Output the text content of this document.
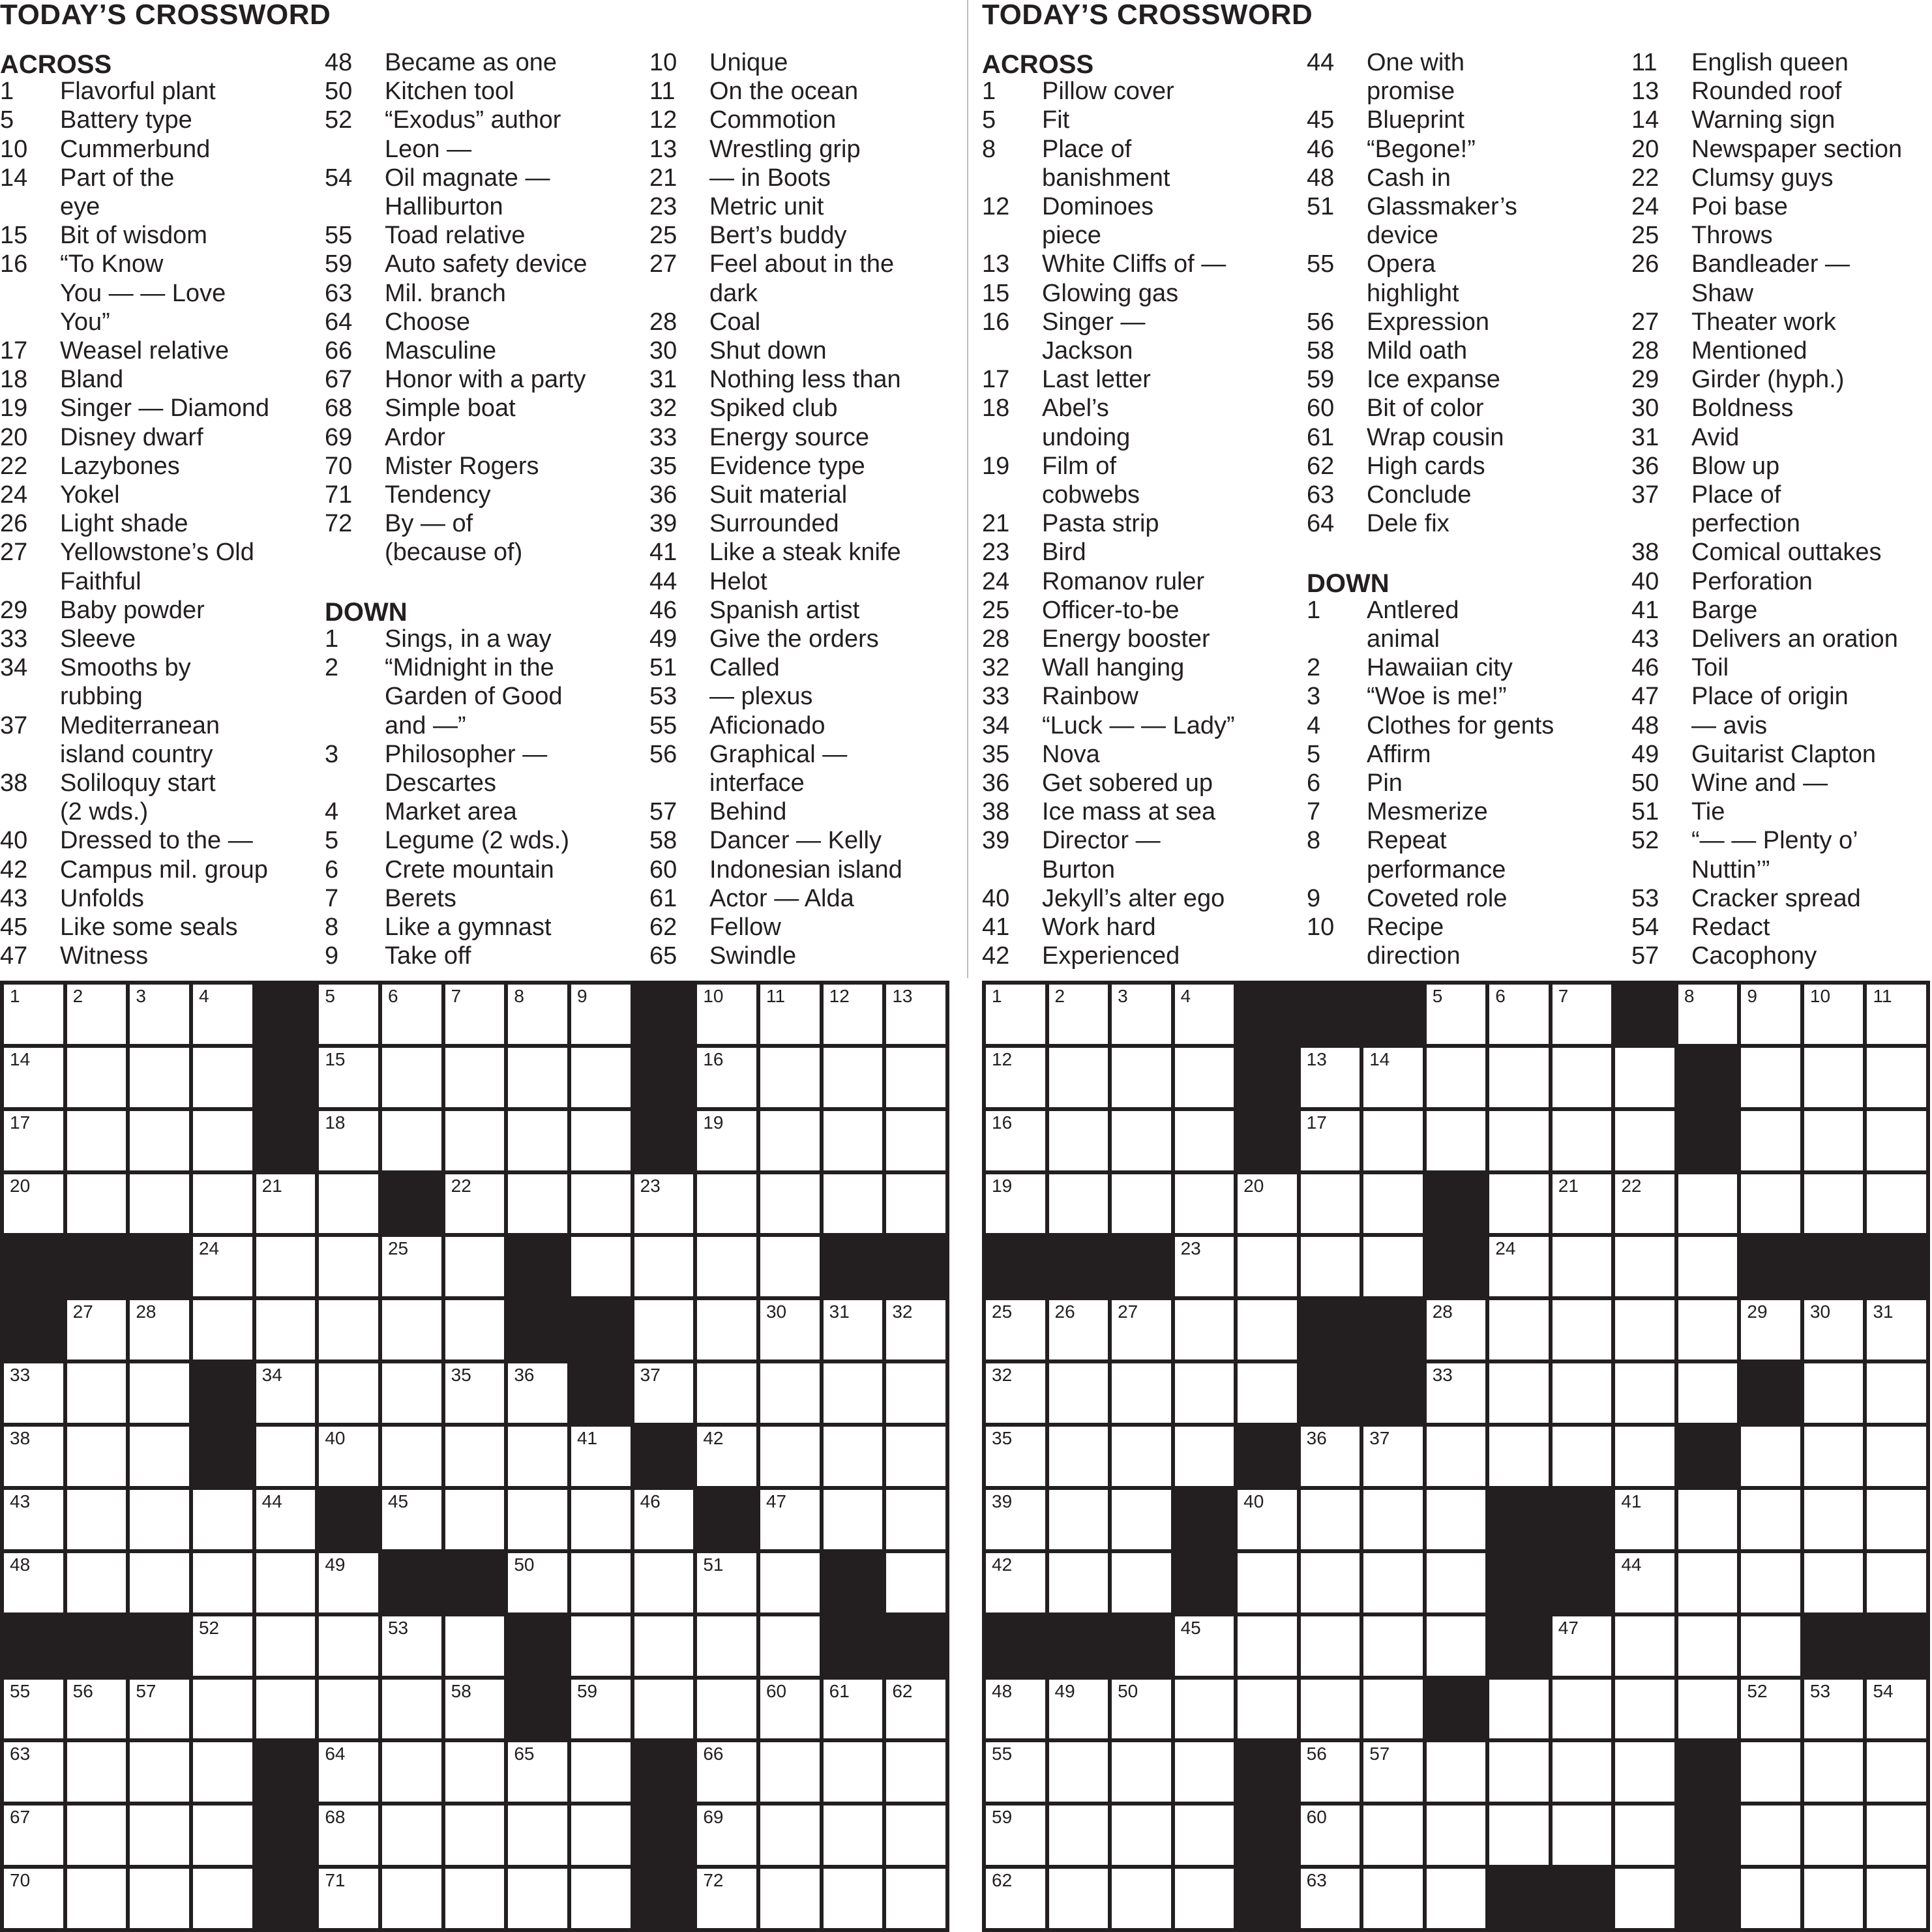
TODAY’S CROSSWORD
ACROSS
1 Flavorful plant
5 Battery type
10 Cummerbund
14 Part of the
eye
15 Bit of wisdom
16 “To Know
You — — Love
You”
17 Weasel relative
18 Bland
19 Singer — Diamond
20 Disney dwarf
22 Lazybones
24 Yokel
26 Light shade
27 Yellowstone’s Old
Faithful
29 Baby powder
33 Sleeve
34 Smooths by
rubbing
37 Mediterranean
island country
38 Soliloquy start
(2 wds.)
40 Dressed to the —
42 Campus mil. group
43 Unfolds
45 Like some seals
47 Witness
48 Became as one
50 Kitchen tool
52 “Exodus” author
Leon —
54 Oil magnate —
Halliburton
55 Toad relative
59 Auto safety device
63 Mil. branch
64 Choose
66 Masculine
67 Honor with a party
68 Simple boat
69 Ardor
70 Mister Rogers
71 Tendency
72 By — of
(because of)
DOWN
1 Sings, in a way
2 “Midnight in the
Garden of Good
and —”
3 Philosopher —
Descartes
4 Market area
5 Legume (2 wds.)
6 Crete mountain
7 Berets
8 Like a gymnast
9 Take off
10 Unique
11 On the ocean
12 Commotion
13 Wrestling grip
21 — in Boots
23 Metric unit
25 Bert’s buddy
27 Feel about in the
dark
28 Coal
30 Shut down
31 Nothing less than
32 Spiked club
33 Energy source
35 Evidence type
36 Suit material
39 Surrounded
41 Like a steak knife
44 Helot
46 Spanish artist
49 Give the orders
51 Called
53 — plexus
55 Aficionado
56 Graphical —
interface
57 Behind
58 Dancer — Kelly
60 Indonesian island
61 Actor — Alda
62 Fellow
65 Swindle
1	2	3	4	5	6	7	8	9	10 11 12 13
14	15	16
17	18	19
20	21	22	23
24	25
27 28	30 31 32
33	34	35 36	37
38	40	41	42
43	44	45	46	47
48	49	50	51
52	53
55 56 57	58	59	60 61 62
63	64	65	66
67	68	69
70	71	72
TODAY’S CROSSWORD
ACROSS
1 Pillow cover
5 Fit
8 Place of
banishment
12 Dominoes
piece
13 White Cliffs of —
15 Glowing gas
16 Singer —
Jackson
17 Last letter
18 Abel’s
undoing
19 Film of
cobwebs
21 Pasta strip
23 Bird
24 Romanov ruler
25 Officer-to-be
28 Energy booster
32 Wall hanging
33 Rainbow
34 “Luck — — Lady”
35 Nova
36 Get sobered up
38 Ice mass at sea
39 Director —
Burton
40 Jekyll’s alter ego
41 Work hard
42 Experienced
44 One with
promise
45 Blueprint
46 “Begone!”
48 Cash in
51 Glassmaker’s
device
55 Opera
highlight
56 Expression
58 Mild oath
59 Ice expanse
60 Bit of color
61 Wrap cousin
62 High cards
63 Conclude
64 Dele fix
DOWN
1 Antlered
animal
2 Hawaiian city
3 “Woe is me!”
4 Clothes for gents
5 Affirm
6 Pin
7 Mesmerize
8 Repeat
performance
9 Coveted role
10 Recipe
direction
11 English queen
13 Rounded roof
14 Warning sign
20 Newspaper section
22 Clumsy guys
24 Poi base
25 Throws
26 Bandleader —
Shaw
27 Theater work
28 Mentioned
29 Girder (hyph.)
30 Boldness
31 Avid
36 Blow up
37 Place of
perfection
38 Comical outtakes
40 Perforation
41 Barge
43 Delivers an oration
46 Toil
47 Place of origin
48 — avis
49 Guitarist Clapton
50 Wine and —
51 Tie
52 “— — Plenty o’
Nuttin’”
53 Cracker spread
54 Redact
57 Cacophony
1	2	3	4	5	6	7	8	9	10 11
12	13 14
16	17
19	20	21 22
23	24
25 26 27	28	29 30 31
32	33
35	36 37
39	40	41
42	44
45	47
48 49 50	52 53 54
55	56 57
59	60
62	63
